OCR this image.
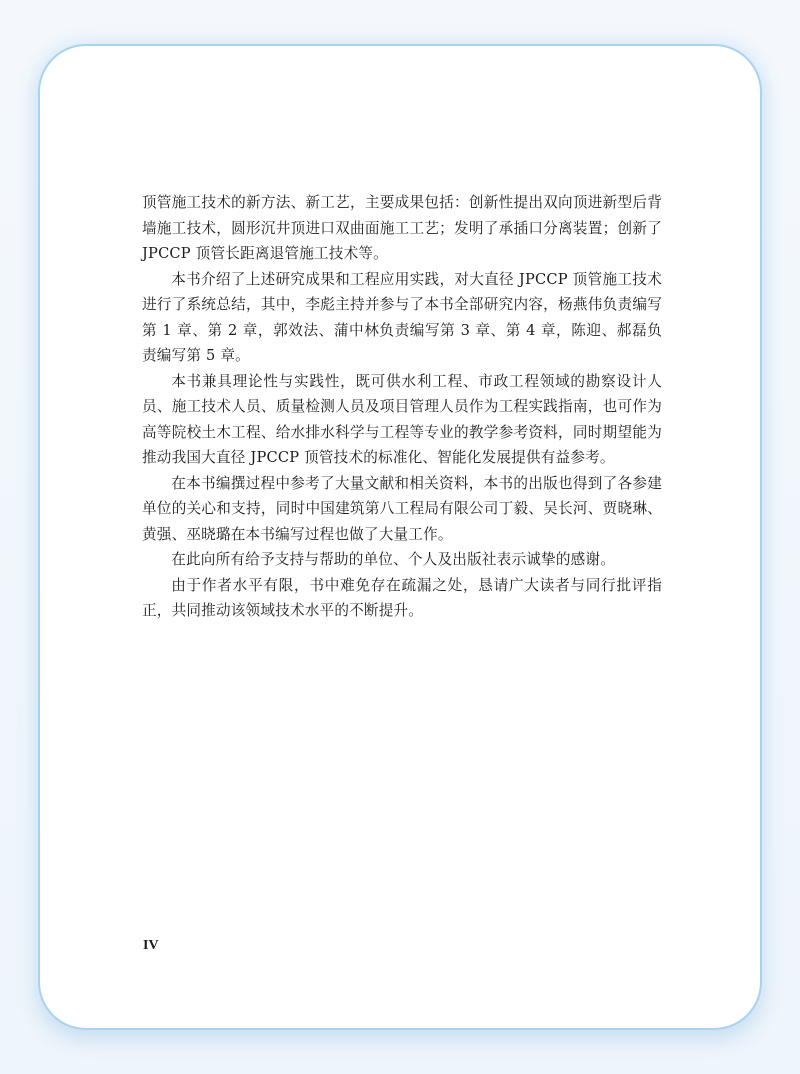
顶管施工技术的新方法、新工艺，主要成果包括：创新性提出双向顶进新型后背墙施工技术，圆形沉井顶进口双曲面施工工艺；发明了承插口分离装置；创新了 JPCCP 顶管长距离退管施工技术等。

本书介绍了上述研究成果和工程应用实践，对大直径 JPCCP 顶管施工技术进行了系统总结，其中，李彪主持并参与了本书全部研究内容，杨燕伟负责编写第 1 章、第 2 章，郭效法、蒲中林负责编写第 3 章、第 4 章，陈迎、郝磊负责编写第 5 章。

本书兼具理论性与实践性，既可供水利工程、市政工程领域的勘察设计人员、施工技术人员、质量检测人员及项目管理人员作为工程实践指南，也可作为高等院校土木工程、给水排水科学与工程等专业的教学参考资料，同时期望能为推动我国大直径 JPCCP 顶管技术的标准化、智能化发展提供有益参考。

在本书编撰过程中参考了大量文献和相关资料，本书的出版也得到了各参建单位的关心和支持，同时中国建筑第八工程局有限公司丁毅、吴长河、贾晓琳、黄强、巫晓璐在本书编写过程也做了大量工作。

在此向所有给予支持与帮助的单位、个人及出版社表示诚挚的感谢。

由于作者水平有限，书中难免存在疏漏之处，恳请广大读者与同行批评指正，共同推动该领域技术水平的不断提升。

IV
